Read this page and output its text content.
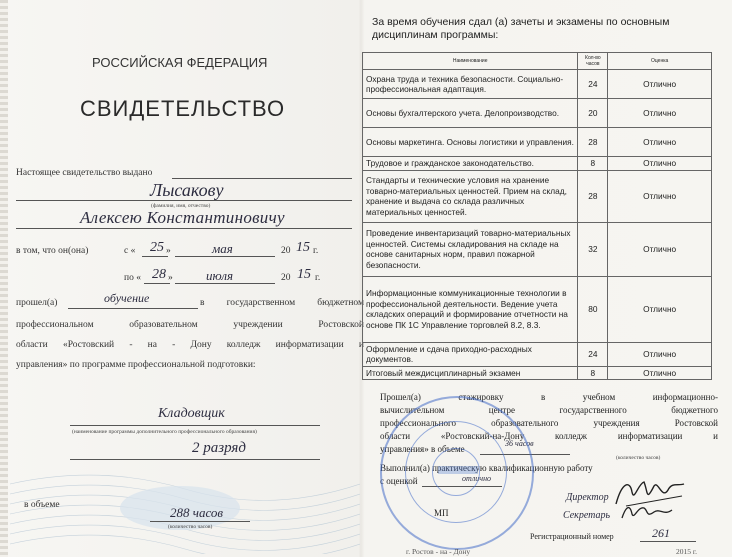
РОССИЙСКАЯ ФЕДЕРАЦИЯ
СВИДЕТЕЛЬСТВО
Настоящее свидетельство выдано
Лысакову
(фамилия, имя, отчество)
Алексею Константиновичу
в том, что он(она)	с « 25 »	мая	20 15 г.
по « 28 »	июля	20 15 г.
прошел(а)	обучение	в государственном бюджетном
профессиональном образовательном учреждении Ростовской
области «Ростовский - на - Дону колледж информатизации и
управления» по программе профессиональной подготовки:
Кладовщик
(наименование программы дополнительного профессионального образования)
2 разряд
в объеме	288 часов
(количество часов)
За время обучения сдал (а) зачеты и экзамены по основным
дисциплинам программы:
Наименование	Кол-во часов	Оценка
Охрана труда и техника безопасности. Социально-профессиональная адаптация.	24	Отлично
Основы бухгалтерского учета. Делопроизводство.	20	Отлично
Основы маркетинга. Основы логистики и управления.	28	Отлично
Трудовое и гражданское законодательство.	8	Отлично
Стандарты и технические условия на хранение товарно-материальных ценностей. Прием на склад, хранение и выдача со склада различных материальных ценностей.	28	Отлично
Проведение инвентаризаций товарно-материальных ценностей. Системы складирования на складе на основе санитарных норм, правил пожарной безопасности.	32	Отлично
Информационные коммуникационные технологии в профессиональной деятельности. Ведение учета складских операций и формирование отчетности на основе ПК 1С Управление торговлей 8.2, 8.3.	80	Отлично
Оформление и сдача приходно-расходных документов.	24	Отлично
Итоговый междисциплинарный экзамен	8	Отлично
Прошел(а)	стажировку	в	учебном	информационно-
вычислительном центре государственного бюджетного
профессионального образовательного учреждения Ростовской
области «Ростовский-на-Дону колледж информатизации и
управления» в объеме
36 часов
(количество часов)
Выполнил(а) практическую квалификационную работу
с оценкой	отлично
МП
Директор
Секретарь
Регистрационный номер	261
г. Ростов - на - Дону	2015 г.
